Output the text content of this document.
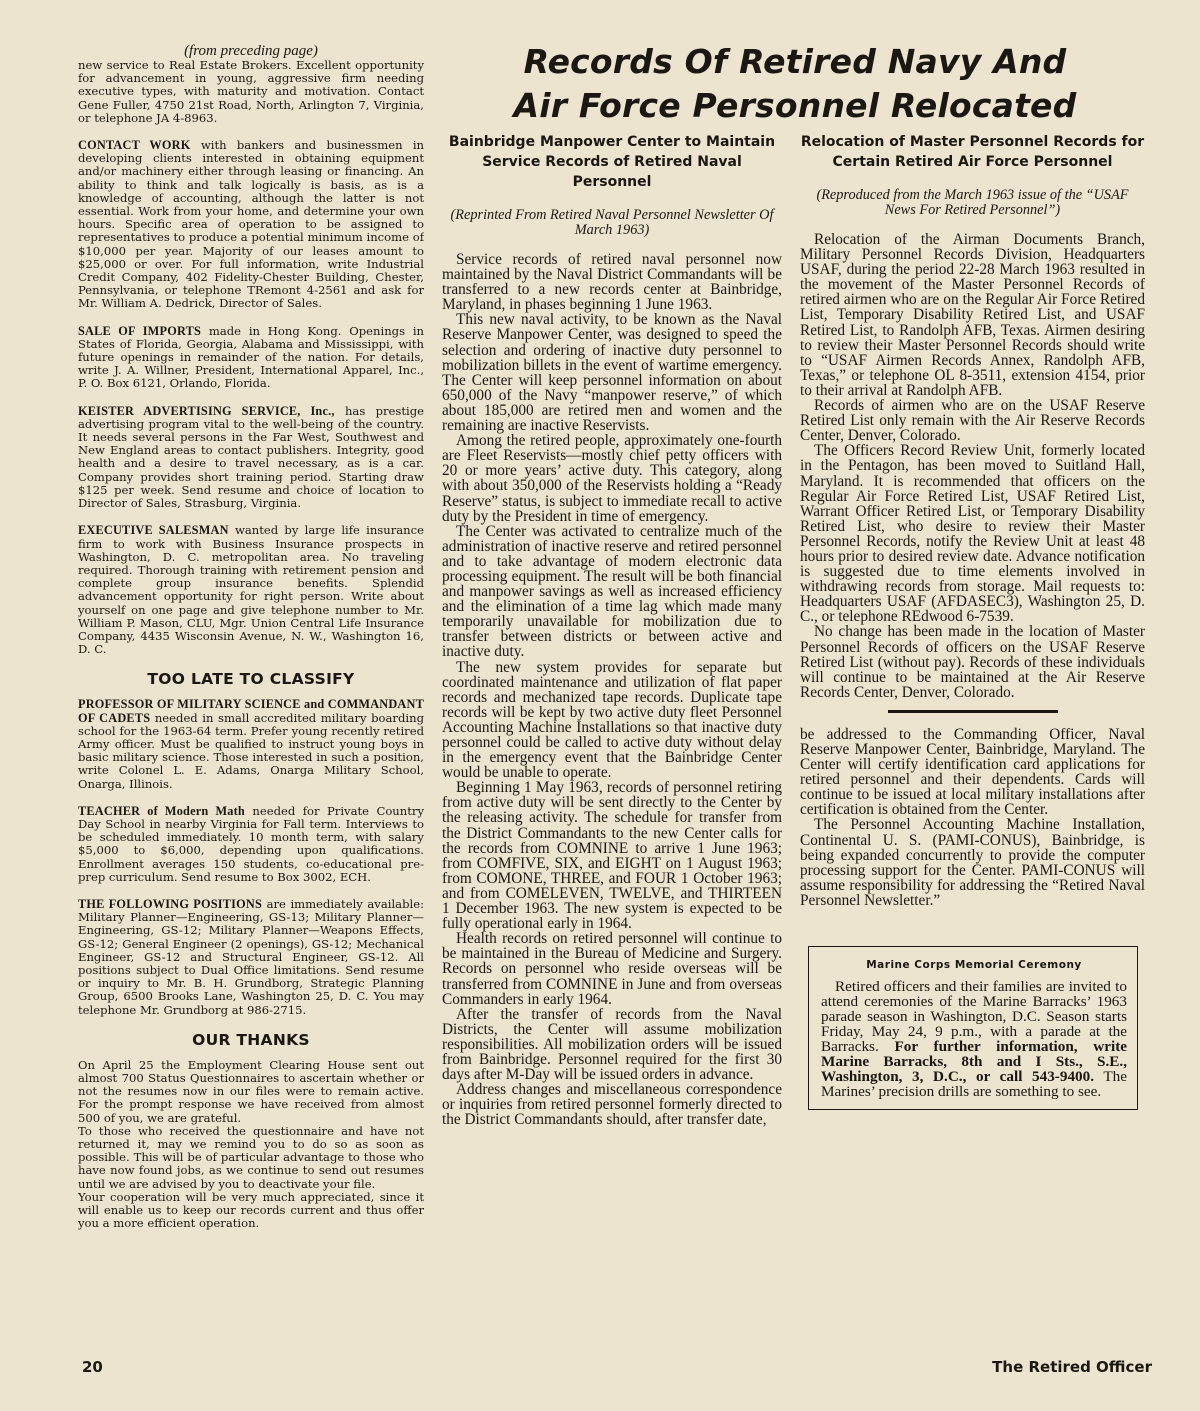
(from preceding page)
new service to Real Estate Brokers. Excellent opportunity for advancement in young, aggressive firm needing executive types, with maturity and motivation. Contact Gene Fuller, 4750 21st Road, North, Arlington 7, Virginia, or telephone JA 4-8963.
CONTACT WORK with bankers and businessmen in developing clients interested in obtaining equipment and/or machinery either through leasing or financing. An ability to think and talk logically is basis, as is a knowledge of accounting, although the latter is not essential. Work from your home, and determine your own hours. Specific area of operation to be assigned to representatives to produce a potential minimum income of $10,000 per year. Majority of our leases amount to $25,000 or over. For full information, write Industrial Credit Company, 402 Fidelity-Chester Building, Chester, Pennsylvania, or telephone TRemont 4-2561 and ask for Mr. William A. Dedrick, Director of Sales.
SALE OF IMPORTS made in Hong Kong. Openings in States of Florida, Georgia, Alabama and Mississippi, with future openings in remainder of the nation. For details, write J. A. Willner, President, International Apparel, Inc., P. O. Box 6121, Orlando, Florida.
KEISTER ADVERTISING SERVICE, Inc., has prestige advertising program vital to the well-being of the country. It needs several persons in the Far West, Southwest and New England areas to contact publishers. Integrity, good health and a desire to travel necessary, as is a car. Company provides short training period. Starting draw $125 per week. Send resume and choice of location to Director of Sales, Strasburg, Virginia.
EXECUTIVE SALESMAN wanted by large life insurance firm to work with Business Insurance prospects in Washington, D. C. metropolitan area. No traveling required. Thorough training with retirement pension and complete group insurance benefits. Splendid advancement opportunity for right person. Write about yourself on one page and give telephone number to Mr. William P. Mason, CLU, Mgr. Union Central Life Insurance Company, 4435 Wisconsin Avenue, N. W., Washington 16, D. C.
TOO LATE TO CLASSIFY
PROFESSOR OF MILITARY SCIENCE and COMMANDANT OF CADETS needed in small accredited military boarding school for the 1963-64 term. Prefer young recently retired Army officer. Must be qualified to instruct young boys in basic military science. Those interested in such a position, write Colonel L. E. Adams, Onarga Military School, Onarga, Illinois.
TEACHER of Modern Math needed for Private Country Day School in nearby Virginia for Fall term. Interviews to be scheduled immediately. 10 month term, with salary $5,000 to $6,000, depending upon qualifications. Enrollment averages 150 students, co-educational pre-prep curriculum. Send resume to Box 3002, ECH.
THE FOLLOWING POSITIONS are immediately available: Military Planner—Engineering, GS-13; Military Planner—Engineering, GS-12; Military Planner—Weapons Effects, GS-12; General Engineer (2 openings), GS-12; Mechanical Engineer, GS-12 and Structural Engineer, GS-12. All positions subject to Dual Office limitations. Send resume or inquiry to Mr. B. H. Grundborg, Strategic Planning Group, 6500 Brooks Lane, Washington 25, D. C. You may telephone Mr. Grundborg at 986-2715.
OUR THANKS
On April 25 the Employment Clearing House sent out almost 700 Status Questionnaires to ascertain whether or not the resumes now in our files were to remain active. For the prompt response we have received from almost 500 of you, we are grateful.
To those who received the questionnaire and have not returned it, may we remind you to do so as soon as possible. This will be of particular advantage to those who have now found jobs, as we continue to send out resumes until we are advised by you to deactivate your file.
Your cooperation will be very much appreciated, since it will enable us to keep our records current and thus offer you a more efficient operation.
Records Of Retired Navy And
Air Force Personnel Relocated
Bainbridge Manpower Center to Maintain Service Records of Retired Naval Personnel
(Reprinted From Retired Naval Personnel Newsletter Of March 1963)

Service records of retired naval personnel now maintained by the Naval District Commandants will be transferred to a new records center at Bainbridge, Maryland, in phases beginning 1 June 1963.

This new naval activity, to be known as the Naval Reserve Manpower Center, was designed to speed the selection and ordering of inactive duty personnel to mobilization billets in the event of wartime emergency. The Center will keep personnel information on about 650,000 of the Navy “manpower reserve,” of which about 185,000 are retired men and women and the remaining are inactive Reservists.

Among the retired people, approximately one-fourth are Fleet Reservists—mostly chief petty officers with 20 or more years’ active duty. This category, along with about 350,000 of the Reservists holding a “Ready Reserve” status, is subject to immediate recall to active duty by the President in time of emergency.

The Center was activated to centralize much of the administration of inactive reserve and retired personnel and to take advantage of modern electronic data processing equipment. The result will be both financial and manpower savings as well as increased efficiency and the elimination of a time lag which made many temporarily unavailable for mobilization due to transfer between districts or between active and inactive duty.

The new system provides for separate but coordinated maintenance and utilization of flat paper records and mechanized tape records. Duplicate tape records will be kept by two active duty fleet Personnel Accounting Machine Installations so that inactive duty personnel could be called to active duty without delay in the emergency event that the Bainbridge Center would be unable to operate.

Beginning 1 May 1963, records of personnel retiring from active duty will be sent directly to the Center by the releasing activity. The schedule for transfer from the District Commandants to the new Center calls for the records from COMNINE to arrive 1 June 1963; from COMFIVE, SIX, and EIGHT on 1 August 1963; from COMONE, THREE, and FOUR 1 October 1963; and from COMELEVEN, TWELVE, and THIRTEEN 1 December 1963. The new system is expected to be fully operational early in 1964.

Health records on retired personnel will continue to be maintained in the Bureau of Medicine and Surgery. Records on personnel who reside overseas will be transferred from COMNINE in June and from overseas Commanders in early 1964.

After the transfer of records from the Naval Districts, the Center will assume mobilization responsibilities. All mobilization orders will be issued from Bainbridge. Personnel required for the first 30 days after M-Day will be issued orders in advance.

Address changes and miscellaneous correspondence or inquiries from retired personnel formerly directed to the District Commandants should, after transfer date,

Relocation of Master Personnel Records for Certain Retired Air Force Personnel
(Reproduced from the March 1963 issue of the “USAF News For Retired Personnel”)

Relocation of the Airman Documents Branch, Military Personnel Records Division, Headquarters USAF, during the period 22-28 March 1963 resulted in the movement of the Master Personnel Records of retired airmen who are on the Regular Air Force Retired List, Temporary Disability Retired List, and USAF Retired List, to Randolph AFB, Texas. Airmen desiring to review their Master Personnel Records should write to “USAF Airmen Records Annex, Randolph AFB, Texas,” or telephone OL 8-3511, extension 4154, prior to their arrival at Randolph AFB.

Records of airmen who are on the USAF Reserve Retired List only remain with the Air Reserve Records Center, Denver, Colorado.

The Officers Record Review Unit, formerly located in the Pentagon, has been moved to Suitland Hall, Maryland. It is recommended that officers on the Regular Air Force Retired List, USAF Retired List, Warrant Officer Retired List, or Temporary Disability Retired List, who desire to review their Master Personnel Records, notify the Review Unit at least 48 hours prior to desired review date. Advance notification is suggested due to time elements involved in withdrawing records from storage. Mail requests to: Headquarters USAF (AFDASEC3), Washington 25, D. C., or telephone REdwood 6-7539.

No change has been made in the location of Master Personnel Records of officers on the USAF Reserve Retired List (without pay). Records of these individuals will continue to be maintained at the Air Reserve Records Center, Denver, Colorado.

be addressed to the Commanding Officer, Naval Reserve Manpower Center, Bainbridge, Maryland. The Center will certify identification card applications for retired personnel and their dependents. Cards will continue to be issued at local military installations after certification is obtained from the Center.

The Personnel Accounting Machine Installation, Continental U. S. (PAMI-CONUS), Bainbridge, is being expanded concurrently to provide the computer processing support for the Center. PAMI-CONUS will assume responsibility for addressing the “Retired Naval Personnel Newsletter.”

Marine Corps Memorial Ceremony

Retired officers and their families are invited to attend ceremonies of the Marine Barracks’ 1963 parade season in Washington, D.C. Season starts Friday, May 24, 9 p.m., with a parade at the Barracks. For further information, write Marine Barracks, 8th and I Sts., S.E., Washington, 3, D.C., or call 543-9400. The Marines’ precision drills are something to see.

20	The Retired Officer
